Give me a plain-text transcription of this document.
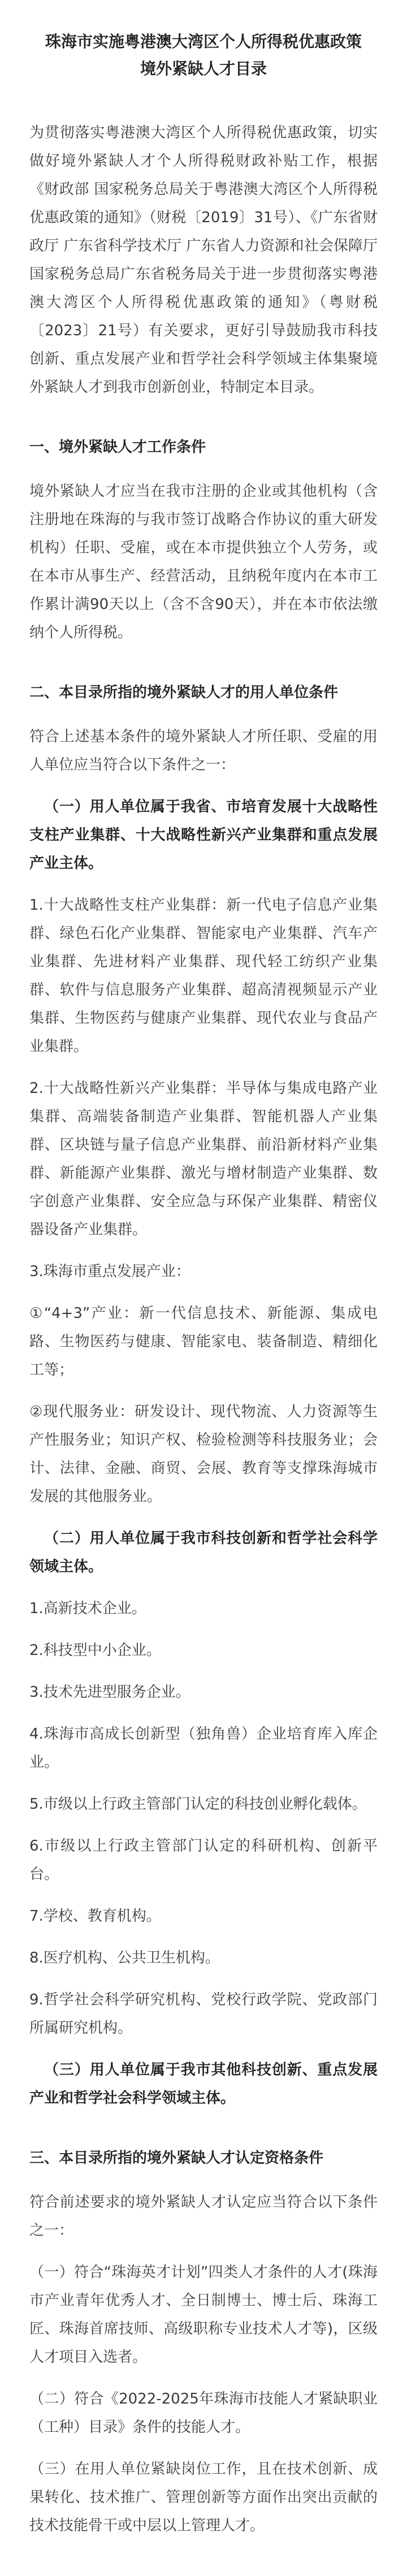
珠海市实施粤港澳大湾区个人所得税优惠政策
境外紧缺人才目录

为贯彻落实粤港澳大湾区个人所得税优惠政策，切实做好境外紧缺人才个人所得税财政补贴工作，根据《财政部 国家税务总局关于粤港澳大湾区个人所得税优惠政策的通知》（财税〔2019〕31号）、《广东省财政厅 广东省科学技术厅 广东省人力资源和社会保障厅 国家税务总局广东省税务局关于进一步贯彻落实粤港澳大湾区个人所得税优惠政策的通知》（粤财税〔2023〕21号）有关要求，更好引导鼓励我市科技创新、重点发展产业和哲学社会科学领域主体集聚境外紧缺人才到我市创新创业，特制定本目录。

一、境外紧缺人才工作条件

境外紧缺人才应当在我市注册的企业或其他机构（含注册地在珠海的与我市签订战略合作协议的重大研发机构）任职、受雇，或在本市提供独立个人劳务，或在本市从事生产、经营活动，且纳税年度内在本市工作累计满90天以上（含不含90天），并在本市依法缴纳个人所得税。

二、本目录所指的境外紧缺人才的用人单位条件

符合上述基本条件的境外紧缺人才所任职、受雇的用人单位应当符合以下条件之一：

（一）用人单位属于我省、市培育发展十大战略性支柱产业集群、十大战略性新兴产业集群和重点发展产业主体。

1.十大战略性支柱产业集群：新一代电子信息产业集群、绿色石化产业集群、智能家电产业集群、汽车产业集群、先进材料产业集群、现代轻工纺织产业集群、软件与信息服务产业集群、超高清视频显示产业集群、生物医药与健康产业集群、现代农业与食品产业集群。

2.十大战略性新兴产业集群：半导体与集成电路产业集群、高端装备制造产业集群、智能机器人产业集群、区块链与量子信息产业集群、前沿新材料产业集群、新能源产业集群、激光与增材制造产业集群、数字创意产业集群、安全应急与环保产业集群、精密仪器设备产业集群。

3.珠海市重点发展产业：

①“4+3”产业：新一代信息技术、新能源、集成电路、生物医药与健康、智能家电、装备制造、精细化工等；

②现代服务业：研发设计、现代物流、人力资源等生产性服务业；知识产权、检验检测等科技服务业；会计、法律、金融、商贸、会展、教育等支撑珠海城市发展的其他服务业。

（二）用人单位属于我市科技创新和哲学社会科学领域主体。

1.高新技术企业。

2.科技型中小企业。

3.技术先进型服务企业。

4.珠海市高成长创新型（独角兽）企业培育库入库企业。

5.市级以上行政主管部门认定的科技创业孵化载体。

6.市级以上行政主管部门认定的科研机构、创新平台。

7.学校、教育机构。

8.医疗机构、公共卫生机构。

9.哲学社会科学研究机构、党校行政学院、党政部门所属研究机构。

（三）用人单位属于我市其他科技创新、重点发展产业和哲学社会科学领域主体。

三、本目录所指的境外紧缺人才认定资格条件

符合前述要求的境外紧缺人才认定应当符合以下条件之一：

（一）符合“珠海英才计划”四类人才条件的人才(珠海市产业青年优秀人才、全日制博士、博士后、珠海工匠、珠海首席技师、高级职称专业技术人才等)，区级人才项目入选者。

（二）符合《2022-2025年珠海市技能人才紧缺职业（工种）目录》条件的技能人才。

（三）在用人单位紧缺岗位工作，且在技术创新、成果转化、技术推广、管理创新等方面作出突出贡献的技术技能骨干或中层以上管理人才。
